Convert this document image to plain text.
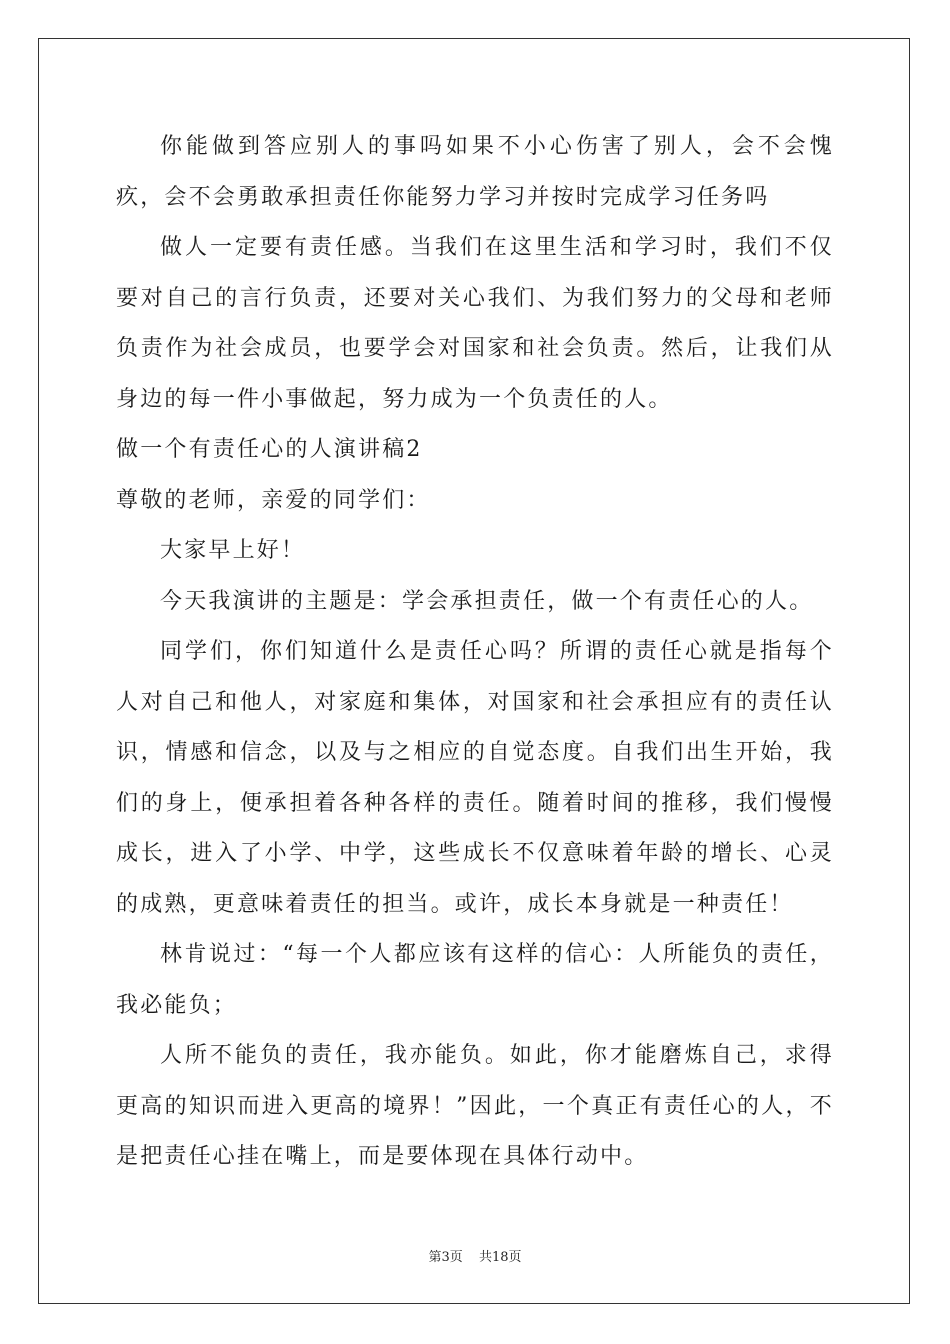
你能做到答应别人的事吗如果不小心伤害了别人，会不会愧疚，会不会勇敢承担责任你能努力学习并按时完成学习任务吗

做人一定要有责任感。当我们在这里生活和学习时，我们不仅要对自己的言行负责，还要对关心我们、为我们努力的父母和老师负责作为社会成员，也要学会对国家和社会负责。然后，让我们从身边的每一件小事做起，努力成为一个负责任的人。

做一个有责任心的人演讲稿2

尊敬的老师，亲爱的同学们：

大家早上好！

今天我演讲的主题是：学会承担责任，做一个有责任心的人。

同学们，你们知道什么是责任心吗？所谓的责任心就是指每个人对自己和他人，对家庭和集体，对国家和社会承担应有的责任认识，情感和信念，以及与之相应的自觉态度。自我们出生开始，我们的身上，便承担着各种各样的责任。随着时间的推移，我们慢慢成长，进入了小学、中学，这些成长不仅意味着年龄的增长、心灵的成熟，更意味着责任的担当。或许，成长本身就是一种责任！

林肯说过：“每一个人都应该有这样的信心：人所能负的责任，我必能负；

人所不能负的责任，我亦能负。如此，你才能磨炼自己，求得更高的知识而进入更高的境界！”因此，一个真正有责任心的人，不是把责任心挂在嘴上，而是要体现在具体行动中。

第3页 共18页
